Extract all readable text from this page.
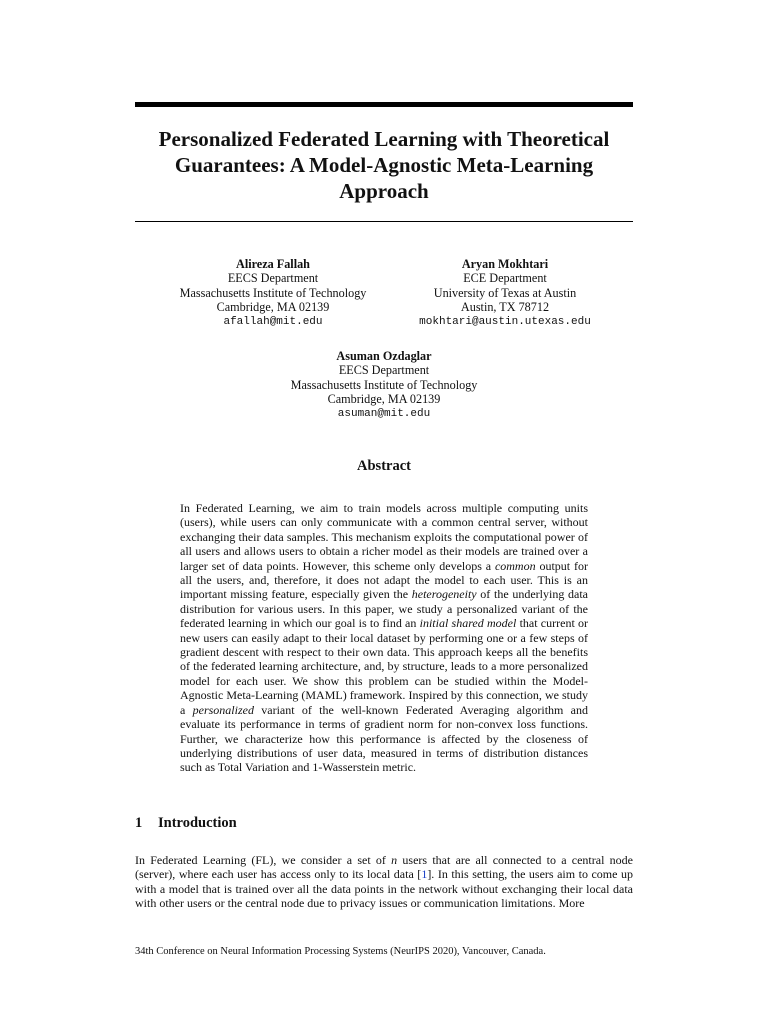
Personalized Federated Learning with Theoretical Guarantees: A Model-Agnostic Meta-Learning Approach
Alireza Fallah
EECS Department
Massachusetts Institute of Technology
Cambridge, MA 02139
afallah@mit.edu
Aryan Mokhtari
ECE Department
University of Texas at Austin
Austin, TX 78712
mokhtari@austin.utexas.edu
Asuman Ozdaglar
EECS Department
Massachusetts Institute of Technology
Cambridge, MA 02139
asuman@mit.edu
Abstract

In Federated Learning, we aim to train models across multiple computing units (users), while users can only communicate with a common central server, without exchanging their data samples. This mechanism exploits the computational power of all users and allows users to obtain a richer model as their models are trained over a larger set of data points. However, this scheme only develops a common output for all the users, and, therefore, it does not adapt the model to each user. This is an important missing feature, especially given the heterogeneity of the underlying data distribution for various users. In this paper, we study a personalized variant of the federated learning in which our goal is to find an initial shared model that current or new users can easily adapt to their local dataset by performing one or a few steps of gradient descent with respect to their own data. This approach keeps all the benefits of the federated learning architecture, and, by structure, leads to a more personalized model for each user. We show this problem can be studied within the Model-Agnostic Meta-Learning (MAML) framework. Inspired by this connection, we study a personalized variant of the well-known Federated Averaging algorithm and evaluate its performance in terms of gradient norm for non-convex loss functions. Further, we characterize how this performance is affected by the closeness of underlying distributions of user data, measured in terms of distribution distances such as Total Variation and 1-Wasserstein metric.

1 Introduction

In Federated Learning (FL), we consider a set of n users that are all connected to a central node (server), where each user has access only to its local data [1]. In this setting, the users aim to come up with a model that is trained over all the data points in the network without exchanging their local data with other users or the central node due to privacy issues or communication limitations. More

34th Conference on Neural Information Processing Systems (NeurIPS 2020), Vancouver, Canada.
